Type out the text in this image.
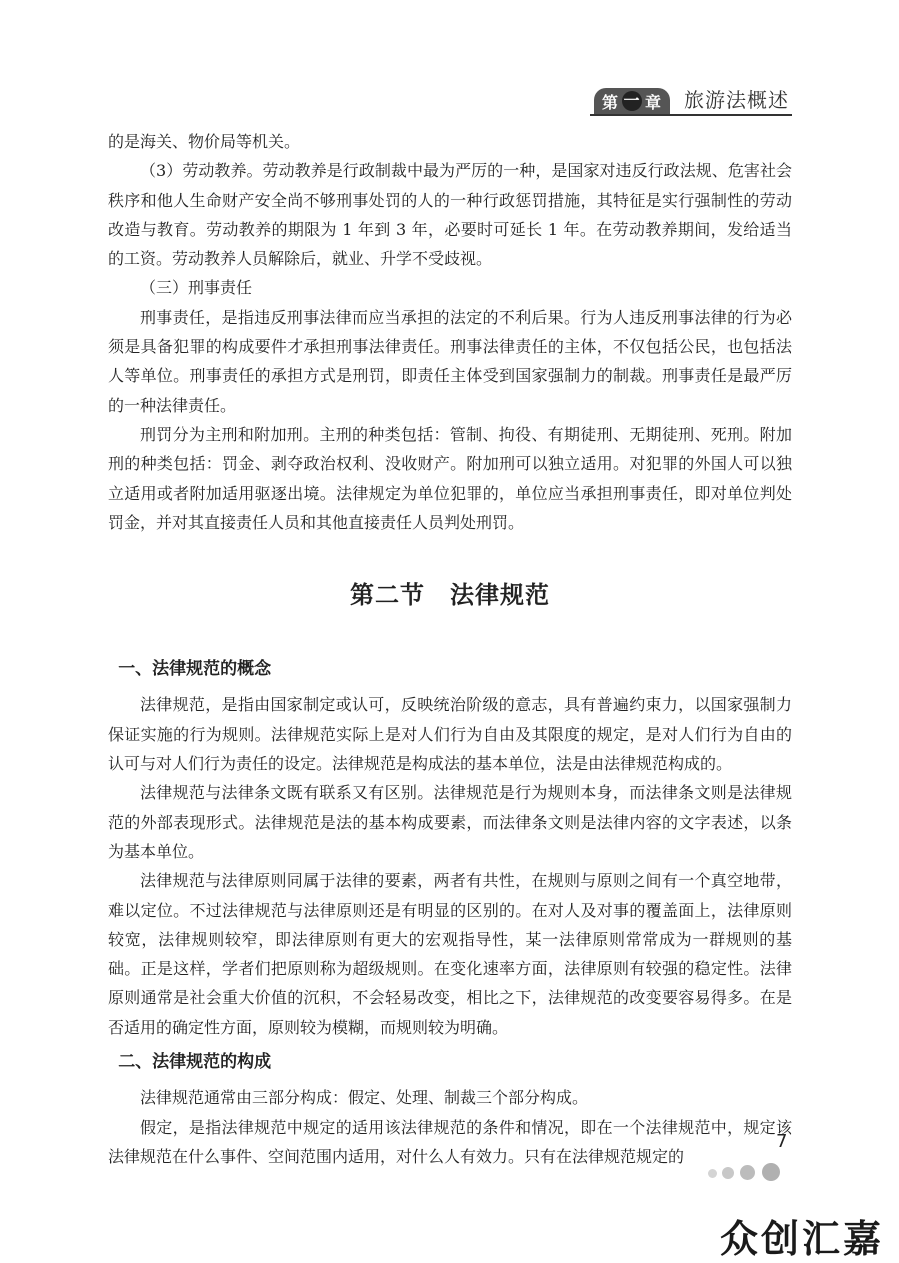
第 一 章 旅游法概述

的是海关、物价局等机关。

（3）劳动教养。劳动教养是行政制裁中最为严厉的一种，是国家对违反行政法规、危害社会秩序和他人生命财产安全尚不够刑事处罚的人的一种行政惩罚措施，其特征是实行强制性的劳动改造与教育。劳动教养的期限为 1 年到 3 年，必要时可延长 1 年。在劳动教养期间，发给适当的工资。劳动教养人员解除后，就业、升学不受歧视。

（三）刑事责任

刑事责任，是指违反刑事法律而应当承担的法定的不利后果。行为人违反刑事法律的行为必须是具备犯罪的构成要件才承担刑事法律责任。刑事法律责任的主体，不仅包括公民，也包括法人等单位。刑事责任的承担方式是刑罚，即责任主体受到国家强制力的制裁。刑事责任是最严厉的一种法律责任。

刑罚分为主刑和附加刑。主刑的种类包括：管制、拘役、有期徒刑、无期徒刑、死刑。附加刑的种类包括：罚金、剥夺政治权利、没收财产。附加刑可以独立适用。对犯罪的外国人可以独立适用或者附加适用驱逐出境。法律规定为单位犯罪的，单位应当承担刑事责任，即对单位判处罚金，并对其直接责任人员和其他直接责任人员判处刑罚。

第二节　法律规范
一、法律规范的概念

法律规范，是指由国家制定或认可，反映统治阶级的意志，具有普遍约束力，以国家强制力保证实施的行为规则。法律规范实际上是对人们行为自由及其限度的规定，是对人们行为自由的认可与对人们行为责任的设定。法律规范是构成法的基本单位，法是由法律规范构成的。

法律规范与法律条文既有联系又有区别。法律规范是行为规则本身，而法律条文则是法律规范的外部表现形式。法律规范是法的基本构成要素，而法律条文则是法律内容的文字表述，以条为基本单位。

法律规范与法律原则同属于法律的要素，两者有共性，在规则与原则之间有一个真空地带，难以定位。不过法律规范与法律原则还是有明显的区别的。在对人及对事的覆盖面上，法律原则较宽，法律规则较窄，即法律原则有更大的宏观指导性，某一法律原则常常成为一群规则的基础。正是这样，学者们把原则称为超级规则。在变化速率方面，法律原则有较强的稳定性。法律原则通常是社会重大价值的沉积，不会轻易改变，相比之下，法律规范的改变要容易得多。在是否适用的确定性方面，原则较为模糊，而规则较为明确。

二、法律规范的构成

法律规范通常由三部分构成：假定、处理、制裁三个部分构成。

假定，是指法律规范中规定的适用该法律规范的条件和情况，即在一个法律规范中，规定该法律规范在什么事件、空间范围内适用，对什么人有效力。只有在法律规范规定的

7
众创汇嘉
